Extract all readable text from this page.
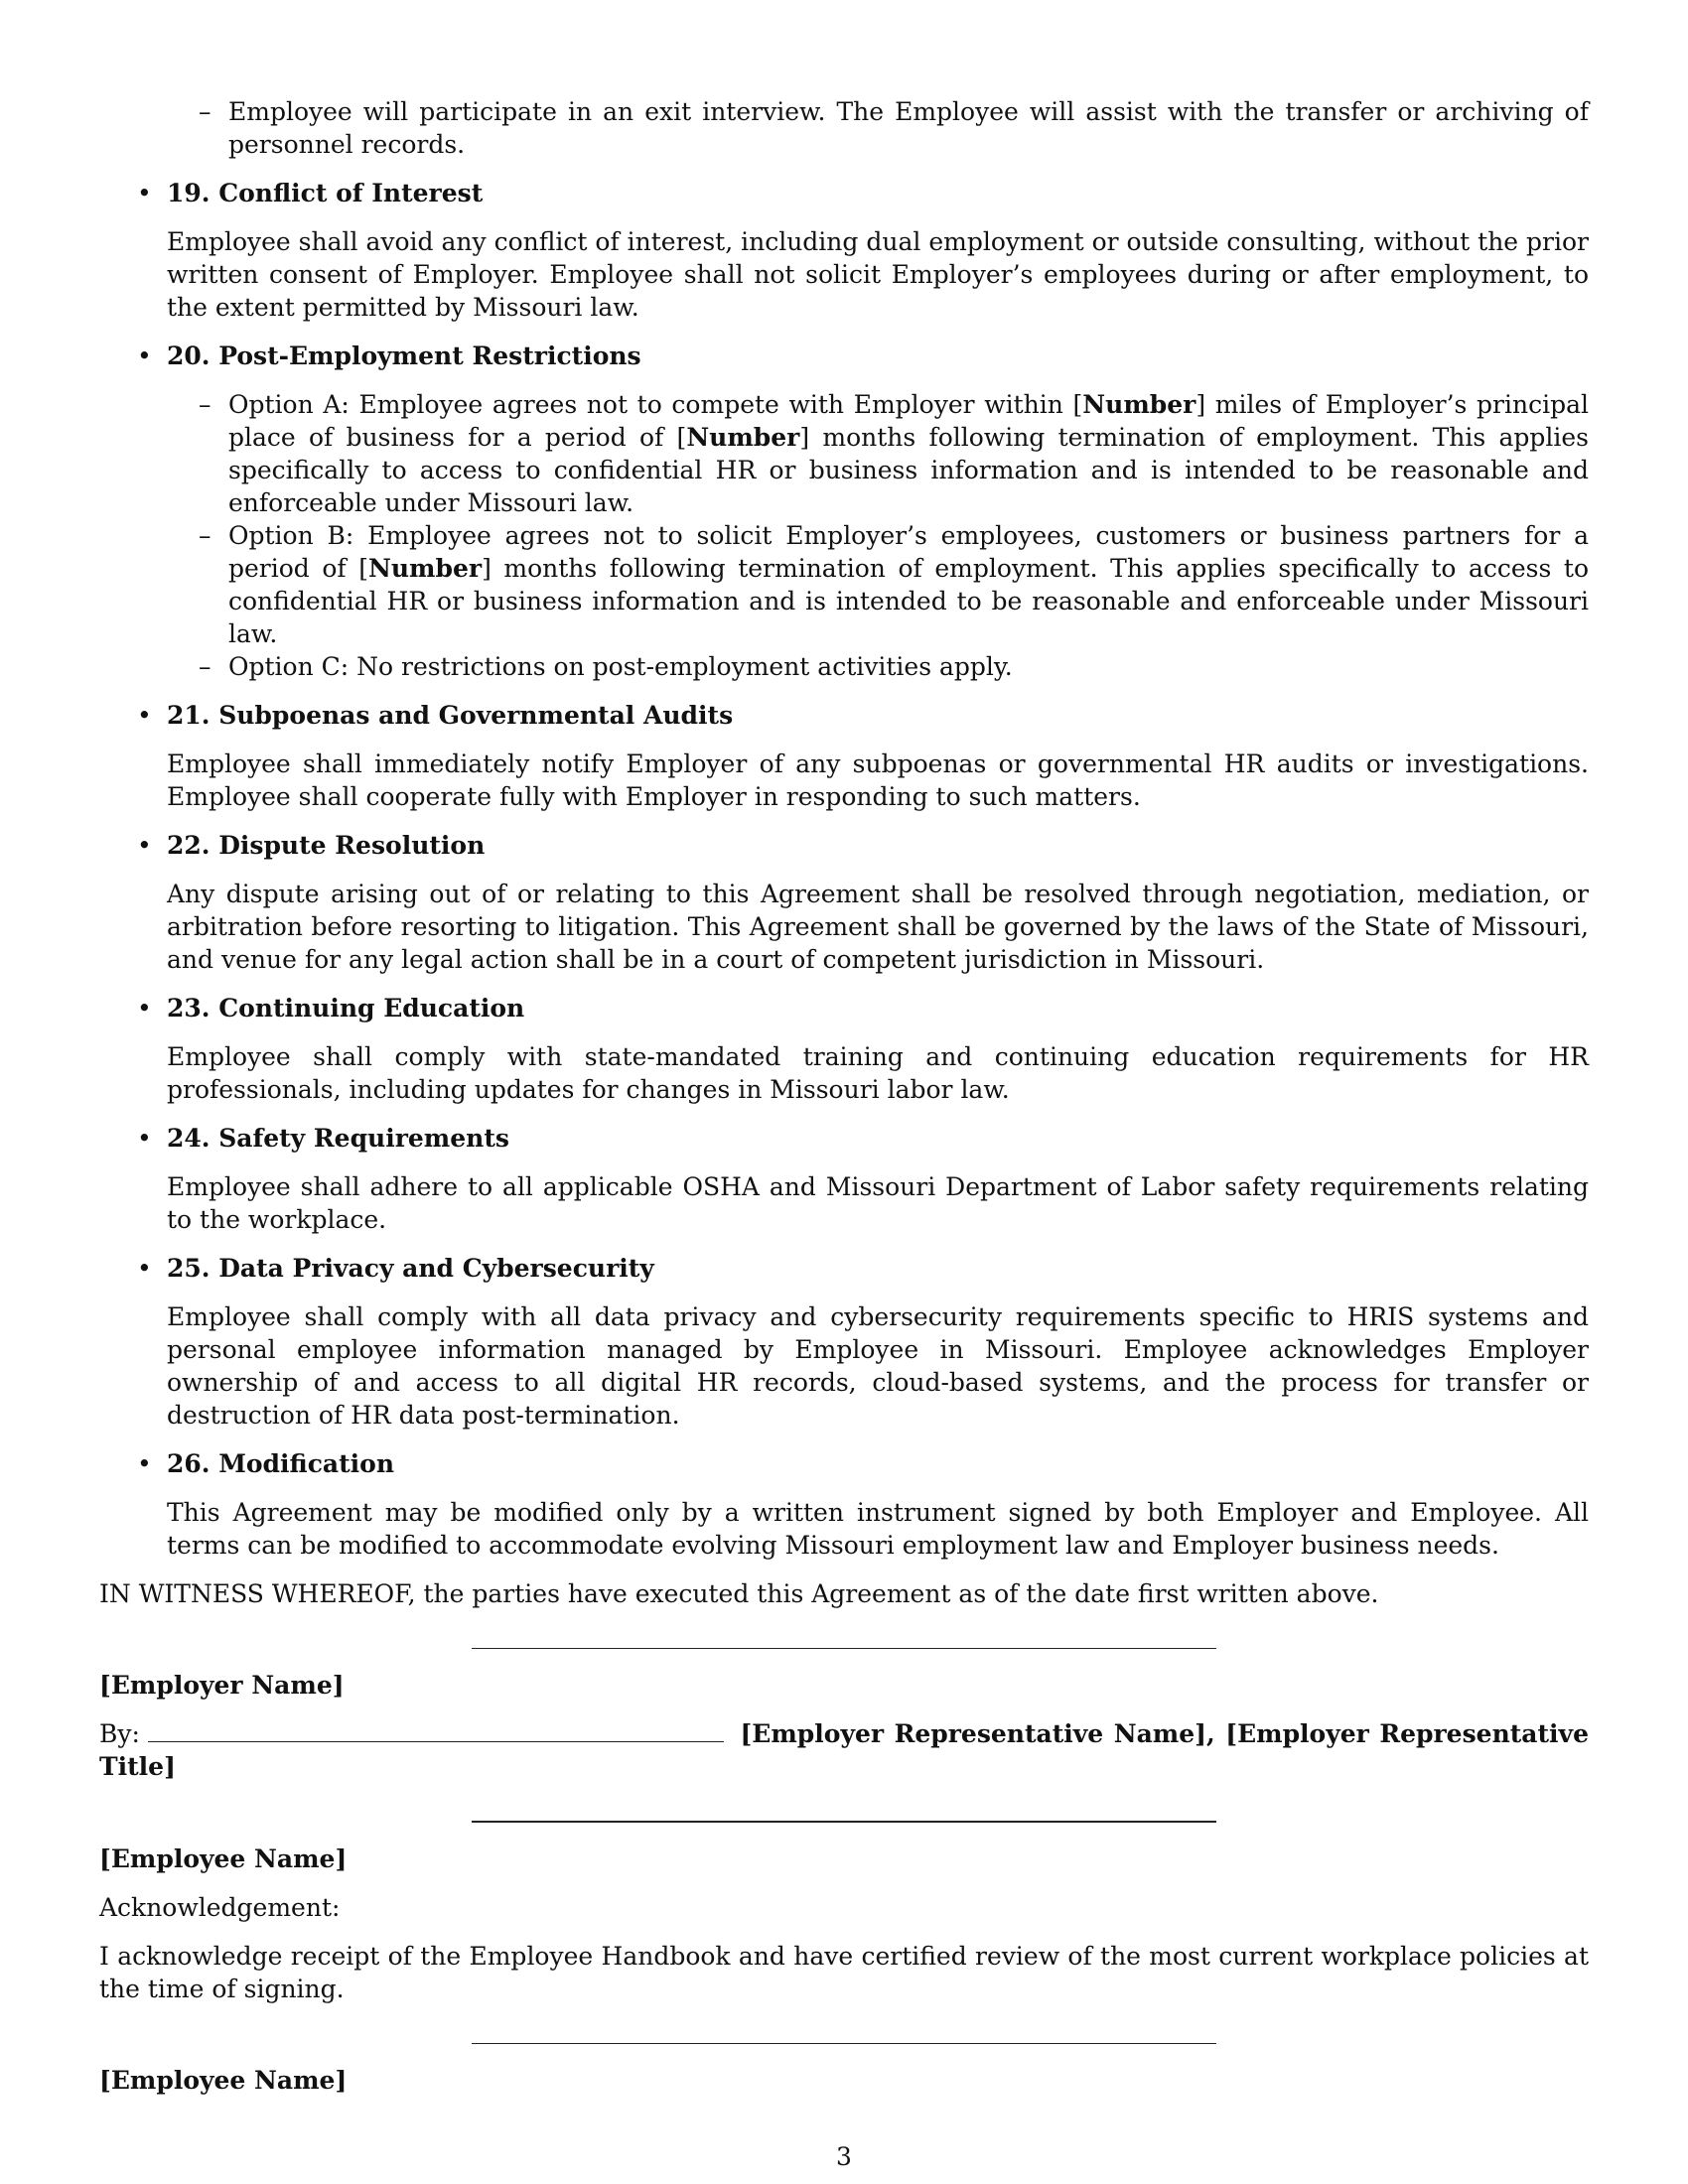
– Employee will participate in an exit interview. The Employee will assist with the transfer or archiving of personnel records.
• 19. Conflict of Interest
Employee shall avoid any conflict of interest, including dual employment or outside consulting, without the prior written consent of Employer. Employee shall not solicit Employer’s employees during or after employment, to the extent permitted by Missouri law.
• 20. Post-Employment Restrictions
– Option A: Employee agrees not to compete with Employer within [Number] miles of Employer’s principal place of business for a period of [Number] months following termination of employment. This applies specifically to access to confidential HR or business information and is intended to be reasonable and enforceable under Missouri law.
– Option B: Employee agrees not to solicit Employer’s employees, customers or business partners for a period of [Number] months following termination of employment. This applies specifically to access to confidential HR or business information and is intended to be reasonable and enforceable under Missouri law.
– Option C: No restrictions on post-employment activities apply.
• 21. Subpoenas and Governmental Audits
Employee shall immediately notify Employer of any subpoenas or governmental HR audits or investigations. Employee shall cooperate fully with Employer in responding to such matters.
• 22. Dispute Resolution
Any dispute arising out of or relating to this Agreement shall be resolved through negotiation, mediation, or arbitration before resorting to litigation. This Agreement shall be governed by the laws of the State of Missouri, and venue for any legal action shall be in a court of competent jurisdiction in Missouri.
• 23. Continuing Education
Employee shall comply with state-mandated training and continuing education requirements for HR professionals, including updates for changes in Missouri labor law.
• 24. Safety Requirements
Employee shall adhere to all applicable OSHA and Missouri Department of Labor safety requirements relating to the workplace.
• 25. Data Privacy and Cybersecurity
Employee shall comply with all data privacy and cybersecurity requirements specific to HRIS systems and personal employee information managed by Employee in Missouri. Employee acknowledges Employer ownership of and access to all digital HR records, cloud-based systems, and the process for transfer or destruction of HR data post-termination.
• 26. Modification
This Agreement may be modified only by a written instrument signed by both Employer and Employee. All terms can be modified to accommodate evolving Missouri employment law and Employer business needs.
IN WITNESS WHEREOF, the parties have executed this Agreement as of the date first written above.
[Employer Name]
By:	[Employer Representative Name], [Employer Representative Title]
[Employee Name]
Acknowledgement:
I acknowledge receipt of the Employee Handbook and have certified review of the most current workplace policies at the time of signing.
[Employee Name]
3
